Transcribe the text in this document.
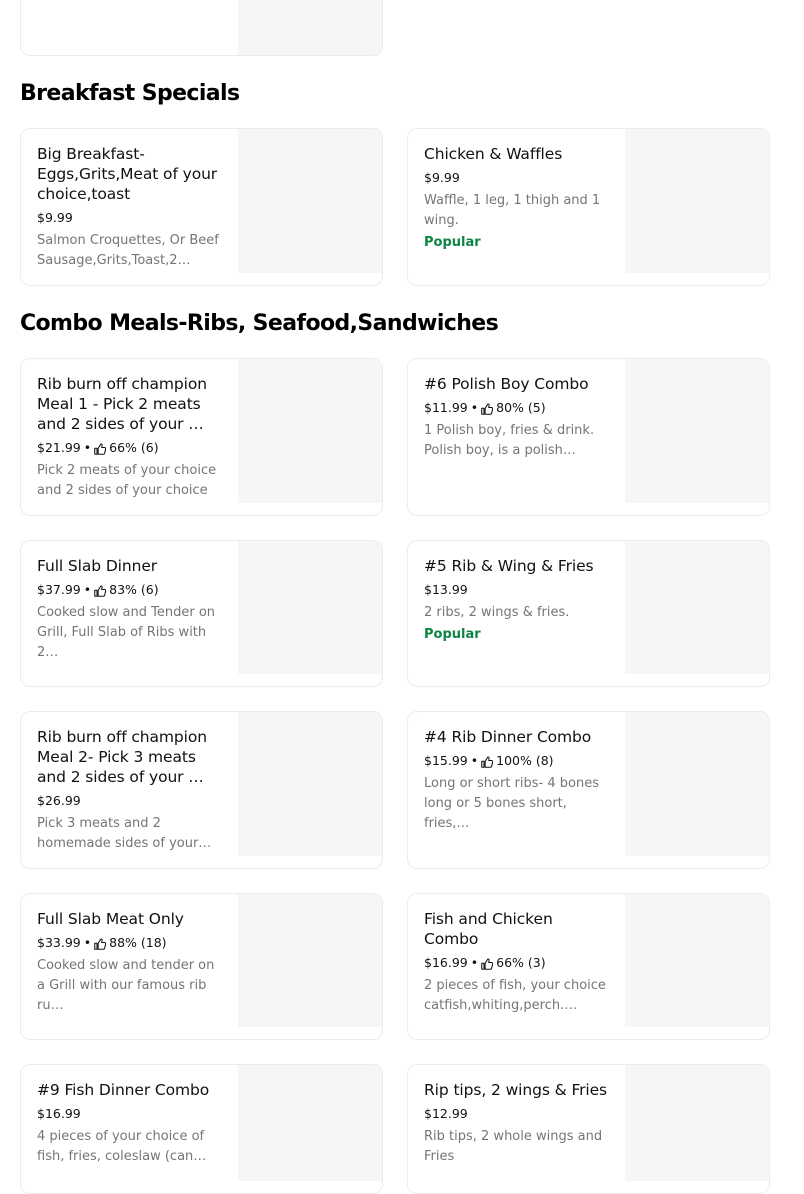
Breakfast Specials
Combo Meals-Ribs, Seafood,Sandwiches
Big Breakfast-Eggs,Grits,Meat of your choice,toast
$9.99
Salmon Croquettes, Or Beef Sausage,Grits,Toast,2…
Chicken & Waffles
$9.99
Waffle, 1 leg, 1 thigh and 1 wing.
Popular
Rib burn off champion Meal 1 - Pick 2 meats and 2 sides of your …
$21.99 • 66% (6)
Pick 2 meats of your choice and 2 sides of your choice
#6 Polish Boy Combo
$11.99 • 80% (5)
1 Polish boy, fries & drink. Polish boy, is a polish…
Full Slab Dinner
$37.99 • 83% (6)
Cooked slow and Tender on Grill, Full Slab of Ribs with 2…
#5 Rib & Wing & Fries
$13.99
2 ribs, 2 wings & fries.
Popular
Rib burn off champion Meal 2- Pick 3 meats and 2 sides of your …
$26.99
Pick 3 meats and 2 homemade sides of your…
#4 Rib Dinner Combo
$15.99 • 100% (8)
Long or short ribs- 4 bones long or 5 bones short, fries,…
Full Slab Meat Only
$33.99 • 88% (18)
Cooked slow and tender on a Grill with our famous rib ru…
Fish and Chicken Combo
$16.99 • 66% (3)
2 pieces of fish, your choice catfish,whiting,perch.…
#9 Fish Dinner Combo
$16.99
4 pieces of your choice of fish, fries, coleslaw (can…
Rip tips, 2 wings & Fries
$12.99
Rib tips, 2 whole wings and Fries
